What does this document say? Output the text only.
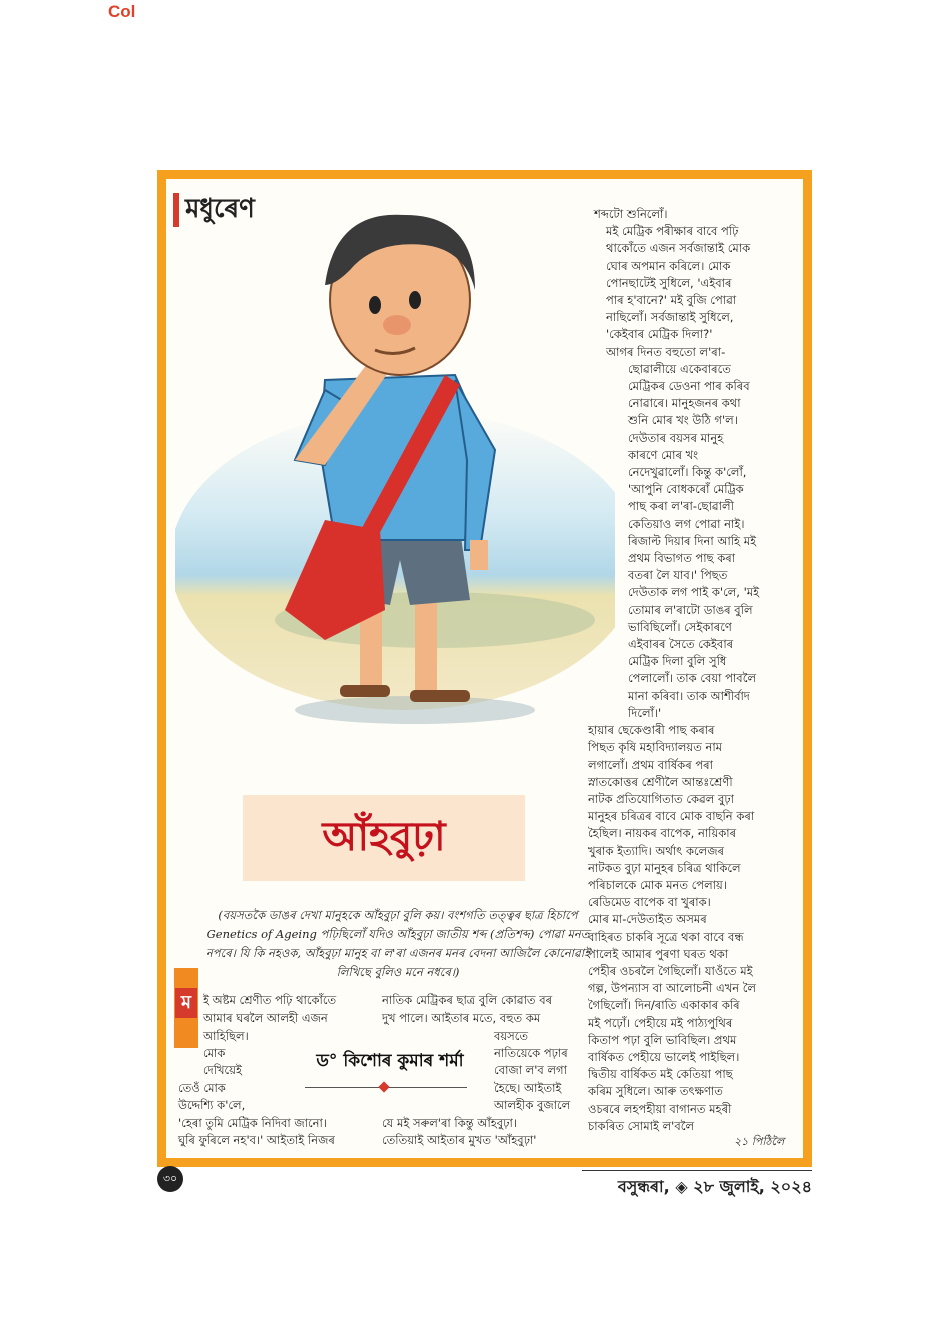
Col
মধুৰেণ
আঁহবুঢ়া
(বয়সতকৈ ডাঙৰ দেখা মানুহকে আঁহবুঢ়া বুলি কয়। বংশগতি তত্ত্বৰ ছাত্ৰ হিচাপে Genetics of Ageing পঢ়িছিলোঁ যদিও আঁহবুঢ়া জাতীয় শব্দ (প্ৰতিশব্দ) পোৱা মনত নপৰে। যি কি নহওক, আঁহবুঢ়া মানুহ বা ল'ৰা এজনৰ মনৰ বেদনা আজিলৈ কোনোৱাই লিখিছে বুলিও মনে নধৰে।)
ম	ই অষ্টম শ্ৰেণীত পঢ়ি থাকোঁতে
আমাৰ ঘৰলৈ আলহী এজন
আহিছিল।
মোক
দেখিয়েই
তেওঁ মোক
উদ্দেশ্যি ক'লে,
'হেৰা তুমি মেট্ৰিক নিদিবা জানো।
ঘুৰি ফুৰিলে নহ'ব।' আইতাই নিজৰ
নাতিক মেট্ৰিকৰ ছাত্ৰ বুলি কোৱাত বৰ
দুখ পালে। আইতাৰ মতে, বহুত কম
বয়সতে
নাতিয়েকে পঢ়াৰ
বোজা ল'ব লগা
হৈছে। আইতাই
আলহীক বুজালে
যে মই সৰুল'ৰা কিন্তু আঁহবুঢ়া।
তেতিয়াই আইতাৰ মুখত 'আঁহবুঢ়া'
ড° কিশোৰ কুমাৰ শৰ্মা
শব্দটো শুনিলোঁ।
মই মেট্ৰিক পৰীক্ষাৰ বাবে পঢ়ি
থাকোঁতে এজন সৰ্বজান্তাই মোক
ঘোৰ অপমান কৰিলে। মোক
পোনছাটেই সুধিলে, 'এইবাৰ
পাৰ হ'বানে?' মই বুজি পোৱা
নাছিলোঁ। সৰ্বজান্তাই সুধিলে,
'কেইবাৰ মেট্ৰিক দিলা?'
আগৰ দিনত বহুতো ল'ৰা-
ছোৱালীয়ে একেবাৰতে
মেট্ৰিকৰ ডেওনা পাৰ কৰিব
নোৱাৰে। মানুহজনৰ কথা
শুনি মোৰ খং উঠি গ'ল।
দেউতাৰ বয়সৰ মানুহ
কাৰণে মোৰ খং
নেদেখুৱালোঁ। কিন্তু ক'লোঁ,
'আপুনি বোধকৰোঁ মেট্ৰিক
পাছ কৰা ল'ৰা-ছোৱালী
কেতিয়াও লগ পোৱা নাই।
ৰিজাল্ট দিয়াৰ দিনা আহি মই
প্ৰথম বিভাগত পাছ কৰা
বতৰা লৈ যাব।' পিছত
দেউতাক লগ পাই ক'লে, 'মই
তোমাৰ ল'ৰাটো ডাঙৰ বুলি
ভাবিছিলোঁ। সেইকাৰণে
এইবাৰৰ সৈতে কেইবাৰ
মেট্ৰিক দিলা বুলি সুধি
পেলালোঁ। তাক বেয়া পাবলৈ
মানা কৰিবা। তাক আশীৰ্বাদ
দিলোঁ।'
হায়াৰ ছেকেণ্ডাৰী পাছ কৰাৰ
পিছত কৃষি মহাবিদ্যালয়ত নাম
লগালোঁ। প্ৰথম বাৰ্ষিকৰ পৰা
স্নাতকোত্তৰ শ্ৰেণীলৈ আন্তঃশ্ৰেণী
নাটক প্ৰতিযোগিতাত কেৱল বুঢ়া
মানুহৰ চৰিত্ৰৰ বাবে মোক বাছনি কৰা
হৈছিল। নায়কৰ বাপেক, নায়িকাৰ
খুৰাক ইত্যাদি। অৰ্থাৎ কলেজৰ
নাটকত বুঢ়া মানুহৰ চৰিত্ৰ থাকিলে
পৰিচালকে মোক মনত পেলায়।
ৰেডিমেড বাপেক বা খুৰাক।
মোৰ মা-দেউতাইত অসমৰ
বাহিৰত চাকৰি সূত্ৰে থকা বাবে বন্ধ
পালেই আমাৰ পুৰণা ঘৰত থকা
পেহীৰ ওচৰলৈ গৈছিলোঁ। যাওঁতে মই
গল্প, উপন্যাস বা আলোচনী এখন লৈ
গৈছিলোঁ। দিন/ৰাতি একাকাৰ কৰি
মই পঢ়োঁ। পেহীয়ে মই পাঠ্যপুথিৰ
কিতাপ পঢ়া বুলি ভাবিছিল। প্ৰথম
বাৰ্ষিকত পেহীয়ে ভালেই পাইছিল।
দ্বিতীয় বাৰ্ষিকত মই কেতিয়া পাছ
কৰিম সুধিলে। আৰু তৎক্ষণাত
ওচৰৰে লহপহীয়া বাগানত মহৰী
চাকৰিত সোমাই ল'বলৈ
২১ পিঠিলৈ
৩০	বসুন্ধৰা, ◈ ২৮ জুলাই, ২০২৪
